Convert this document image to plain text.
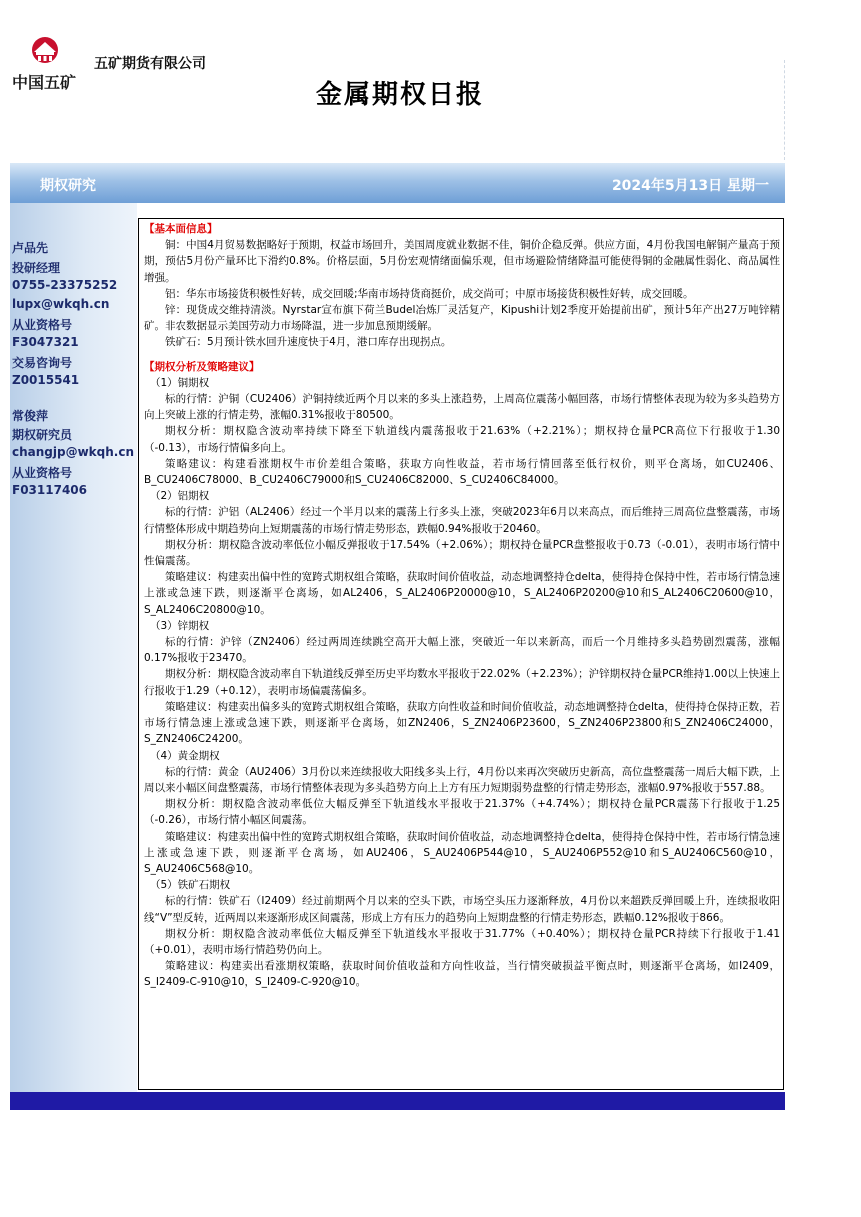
中国五矿
五矿期货有限公司
金属期权日报
期权研究	2024年5月13日 星期一
卢品先
投研经理
0755-23375252
lupx@wkqh.cn
从业资格号
F3047321
交易咨询号
Z0015541
常俊萍
期权研究员
changjp@wkqh.cn
从业资格号
F03117406

【基本面信息】

铜：中国4月贸易数据略好于预期，权益市场回升，美国周度就业数据不佳，铜价企稳反弹。供应方面，4月份我国电解铜产量高于预期，预估5月份产量环比下滑约0.8%。价格层面，5月份宏观情绪面偏乐观，但市场避险情绪降温可能使得铜的金融属性弱化、商品属性增强。

铝：华东市场接货积极性好转，成交回暖;华南市场持货商挺价，成交尚可；中原市场接货积极性好转，成交回暖。

锌：现货成交维持清淡。Nyrstar宣布旗下荷兰Budel冶炼厂灵活复产，Kipushi计划2季度开始提前出矿，预计5年产出27万吨锌精矿。非农数据显示美国劳动力市场降温，进一步加息预期缓解。

铁矿石：5月预计铁水回升速度快于4月，港口库存出现拐点。

【期权分析及策略建议】

（1）铜期权

标的行情：沪铜（CU2406）沪铜持续近两个月以来的多头上涨趋势，上周高位震荡小幅回落，市场行情整体表现为较为多头趋势方向上突破上涨的行情走势，涨幅0.31%报收于80500。

期权分析：期权隐含波动率持续下降至下轨道线内震荡报收于21.63%（+2.21%）；期权持仓量PCR高位下行报收于1.30（-0.13），市场行情偏多向上。

策略建议：构建看涨期权牛市价差组合策略，获取方向性收益，若市场行情回落至低行权价，则平仓离场，如CU2406、B_CU2406C78000、B_CU2406C79000和S_CU2406C82000、S_CU2406C84000。

（2）铝期权

标的行情：沪铝（AL2406）经过一个半月以来的震荡上行多头上涨，突破2023年6月以来高点，而后维持三周高位盘整震荡，市场行情整体形成中期趋势向上短期震荡的市场行情走势形态，跌幅0.94%报收于20460。

期权分析：期权隐含波动率低位小幅反弹报收于17.54%（+2.06%）；期权持仓量PCR盘整报收于0.73（-0.01），表明市场行情中性偏震荡。

策略建议：构建卖出偏中性的宽跨式期权组合策略，获取时间价值收益，动态地调整持仓delta，使得持仓保持中性，若市场行情急速上涨或急速下跌，则逐渐平仓离场，如AL2406，S_AL2406P20000@10，S_AL2406P20200@10和S_AL2406C20600@10，S_AL2406C20800@10。

（3）锌期权

标的行情：沪锌（ZN2406）经过两周连续跳空高开大幅上涨，突破近一年以来新高，而后一个月维持多头趋势剧烈震荡，涨幅0.17%报收于23470。

期权分析：期权隐含波动率自下轨道线反弹至历史平均数水平报收于22.02%（+2.23%）；沪锌期权持仓量PCR维持1.00以上快速上行报收于1.29（+0.12），表明市场偏震荡偏多。

策略建议：构建卖出偏多头的宽跨式期权组合策略，获取方向性收益和时间价值收益，动态地调整持仓delta，使得持仓保持正数，若市场行情急速上涨或急速下跌，则逐渐平仓离场，如ZN2406，S_ZN2406P23600，S_ZN2406P23800和S_ZN2406C24000，S_ZN2406C24200。

（4）黄金期权

标的行情：黄金（AU2406）3月份以来连续报收大阳线多头上行，4月份以来再次突破历史新高，高位盘整震荡一周后大幅下跌，上周以来小幅区间盘整震荡，市场行情整体表现为多头趋势方向上上方有压力短期弱势盘整的行情走势形态，涨幅0.97%报收于557.88。

期权分析：期权隐含波动率低位大幅反弹至下轨道线水平报收于21.37%（+4.74%）；期权持仓量PCR震荡下行报收于1.25（-0.26），市场行情小幅区间震荡。

策略建议：构建卖出偏中性的宽跨式期权组合策略，获取时间价值收益，动态地调整持仓delta，使得持仓保持中性，若市场行情急速上涨或急速下跌，则逐渐平仓离场，如AU2406，S_AU2406P544@10，S_AU2406P552@10和S_AU2406C560@10，S_AU2406C568@10。

（5）铁矿石期权

标的行情：铁矿石（I2409）经过前期两个月以来的空头下跌，市场空头压力逐渐释放，4月份以来超跌反弹回暖上升，连续报收阳线“V”型反转，近两周以来逐渐形成区间震荡，形成上方有压力的趋势向上短期盘整的行情走势形态，跌幅0.12%报收于866。

期权分析：期权隐含波动率低位大幅反弹至下轨道线水平报收于31.77%（+0.40%）；期权持仓量PCR持续下行报收于1.41（+0.01），表明市场行情趋势仍向上。

策略建议：构建卖出看涨期权策略，获取时间价值收益和方向性收益，当行情突破损益平衡点时，则逐渐平仓离场，如I2409，S_I2409-C-910@10，S_I2409-C-920@10。
